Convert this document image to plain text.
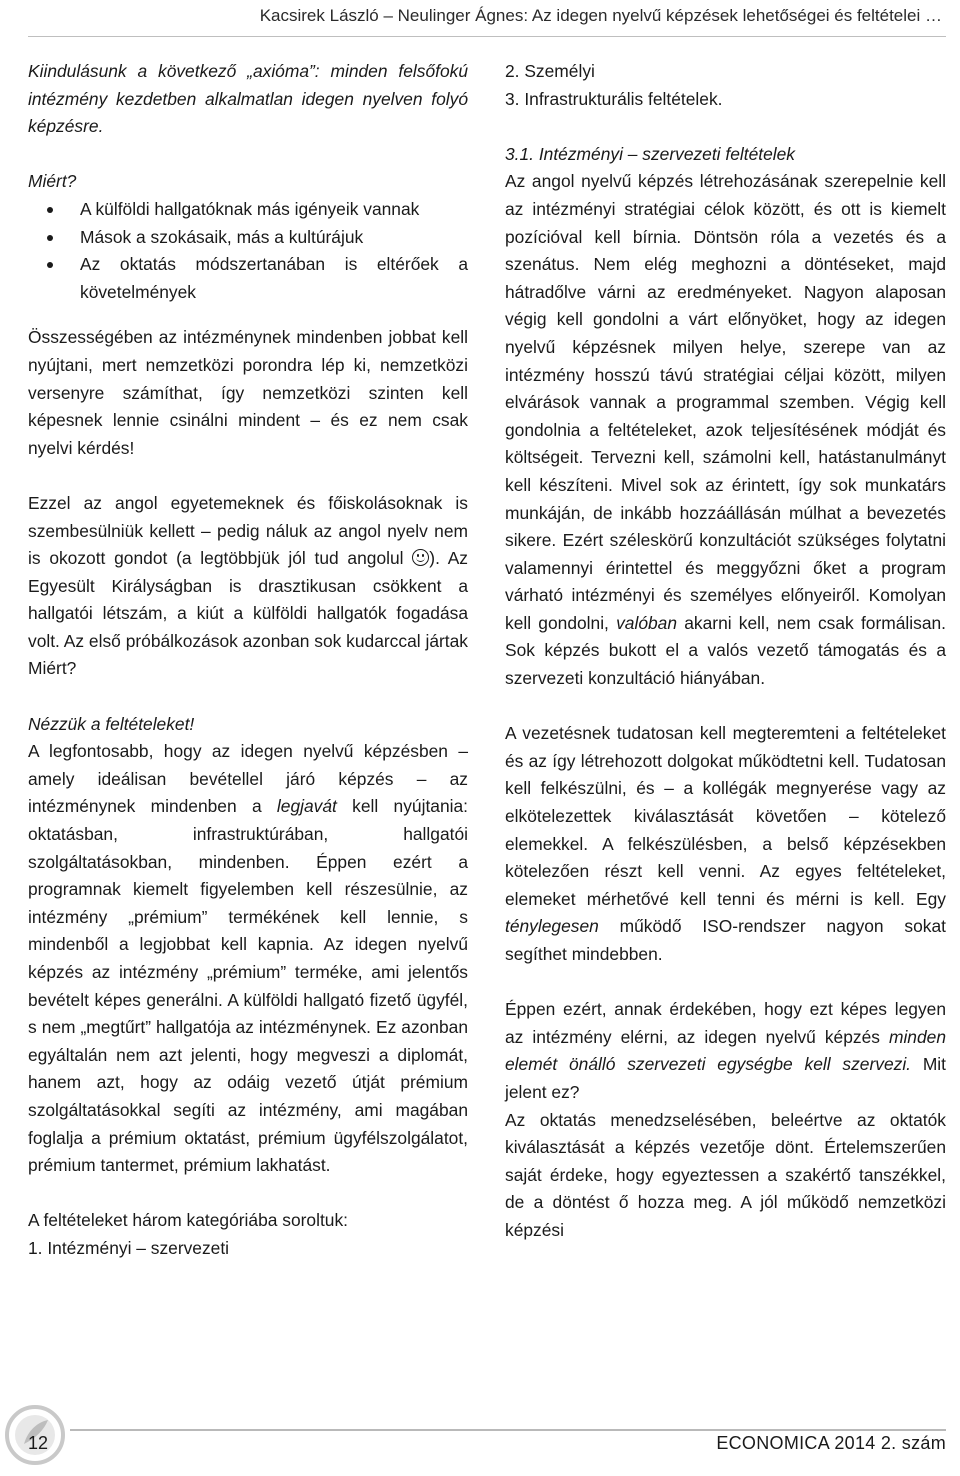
Kacsirek László – Neulinger Ágnes: Az idegen nyelvű képzések lehetőségei és feltételei …

Kiindulásunk a következő „axióma”: minden felsőfokú intézmény kezdetben alkalmatlan idegen nyelven folyó képzésre.

Miért?

A külföldi hallgatóknak más igényeik vannak
Mások a szokásaik, más a kultúrájuk
Az oktatás módszertanában is eltérőek a követelmények

Összességében az intézménynek mindenben jobbat kell nyújtani, mert nemzetközi porondra lép ki, nemzetközi versenyre számíthat, így nemzetközi szinten kell képesnek lennie csinálni mindent – és ez nem csak nyelvi kérdés!

Ezzel az angol egyetemeknek és főiskolásoknak is szembesülniük kellett – pedig náluk az angol nyelv nem is okozott gondot (a legtöbbjük jól tud angolul
). Az Egyesült Királyságban is drasztikusan csökkent a hallgatói létszám, a kiút a külföldi hallgatók fogadása volt. Az első próbálkozások azonban sok kudarccal jártak Miért?

Nézzük a feltételeket!

A legfontosabb, hogy az idegen nyelvű képzésben – amely ideálisan bevétellel járó képzés – az intézménynek mindenben a legjavát kell nyújtania: oktatásban, infrastruktúrában, hallgatói szolgáltatásokban, mindenben. Éppen ezért a programnak kiemelt figyelemben kell részesülnie, az intézmény „prémium” termékének kell lennie, s mindenből a legjobbat kell kapnia. Az idegen nyelvű képzés az intézmény „prémium” terméke, ami jelentős bevételt képes generálni. A külföldi hallgató fizető ügyfél, s nem „megtűrt” hallgatója az intézménynek. Ez azonban egyáltalán nem azt jelenti, hogy megveszi a diplomát, hanem azt, hogy az odáig vezető útját prémium szolgáltatásokkal segíti az intézmény, ami magában foglalja a prémium oktatást, prémium ügyfélszolgálatot, prémium tantermet, prémium lakhatást.

A feltételeket három kategóriába soroltuk:

1. Intézményi – szervezeti

2. Személyi

3. Infrastrukturális feltételek.

3.1. Intézményi – szervezeti feltételek

Az angol nyelvű képzés létrehozásának szerepelnie kell az intézményi stratégiai célok között, és ott is kiemelt pozícióval kell bírnia. Döntsön róla a vezetés és a szenátus. Nem elég meghozni a döntéseket, majd hátradőlve várni az eredményeket. Nagyon alaposan végig kell gondolni a várt előnyöket, hogy az idegen nyelvű képzésnek milyen helye, szerepe van az intézmény hosszú távú stratégiai céljai között, milyen elvárások vannak a programmal szemben. Végig kell gondolnia a feltételeket, azok teljesítésének módját és költségeit. Tervezni kell, számolni kell, hatástanulmányt kell készíteni. Mivel sok az érintett, így sok munkatárs munkáján, de inkább hozzáállásán múlhat a bevezetés sikere. Ezért széleskörű konzultációt szükséges folytatni valamennyi érintettel és meggyőzni őket a program várható intézményi és személyes előnyeiről. Komolyan kell gondolni, valóban akarni kell, nem csak formálisan. Sok képzés bukott el a valós vezető támogatás és a szervezeti konzultáció hiányában.

A vezetésnek tudatosan kell megteremteni a feltételeket és az így létrehozott dolgokat működtetni kell. Tudatosan kell felkészülni, és – a kollégák megnyerése vagy az elkötelezettek kiválasztását követően – kötelező elemekkel. A felkészülésben, a belső képzésekben kötelezően részt kell venni. Az egyes feltételeket, elemeket mérhetővé kell tenni és mérni is kell. Egy ténylegesen működő ISO-rendszer nagyon sokat segíthet mindebben.

Éppen ezért, annak érdekében, hogy ezt képes legyen az intézmény elérni, az idegen nyelvű képzés minden elemét önálló szervezeti egységbe kell szervezi. Mit jelent ez?

Az oktatás menedzselésében, beleértve az oktatók kiválasztását a képzés vezetője dönt. Értelemszerűen saját érdeke, hogy egyeztessen a szakértő tanszékkel, de a döntést ő hozza meg. A jól működő nemzetközi képzési

12	ECONOMICA 2014 2. szám
